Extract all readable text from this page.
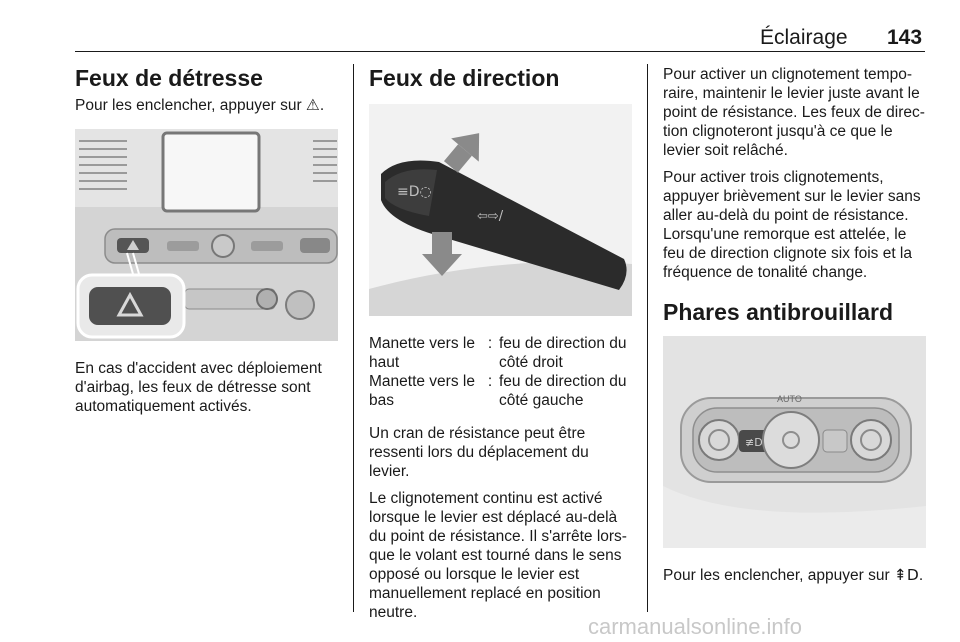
Éclairage 143
Feux de détresse

Pour les enclencher, appuyer sur ⚠.

En cas d'accident avec déploiement

d'airbag, les feux de détresse sont

automatiquement activés.

Feux de direction
≡D◌
⇦⇨/
Manette vers le
haut
: feu de direction du
côté droit
Manette vers le
bas
: feu de direction du
côté gauche
Un cran de résistance peut être
ressenti lors du déplacement du
levier.
Le clignotement continu est activé
lorsque le levier est déplacé au-delà
du point de résistance. Il s'arrête lors-
que le volant est tourné dans le sens
opposé ou lorsque le levier est
manuellement replacé en position
neutre.
Pour activer un clignotement tempo-
raire, maintenir le levier juste avant le
point de résistance. Les feux de direc-
tion clignoteront jusqu'à ce que le
levier soit relâché.
Pour activer trois clignotements,
appuyer brièvement sur le levier sans
aller au-delà du point de résistance.
Lorsqu'une remorque est attelée, le
feu de direction clignote six fois et la
fréquence de tonalité change.
Phares antibrouillard
≢D
AUTO

Pour les enclencher, appuyer sur ⇞D.

carmanualsonline.info
